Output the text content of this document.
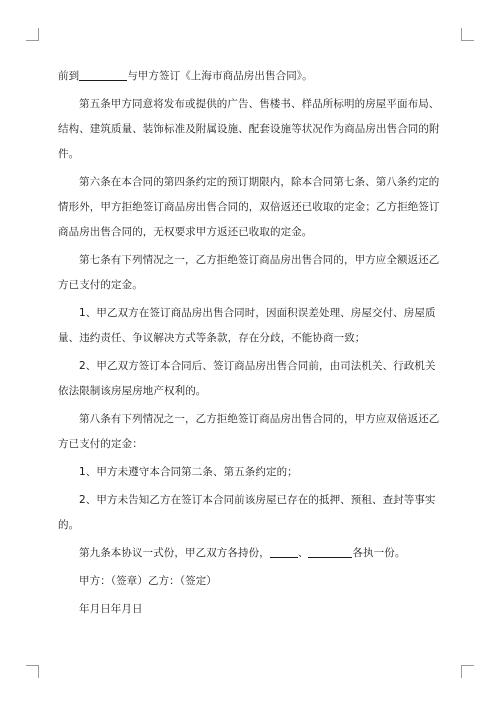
前到	与甲方签订《上海市商品房出售合同》。

第五条甲方同意将发布或提供的广告、售楼书、样品所标明的房屋平面布局、结构、建筑质量、装饰标准及附属设施、配套设施等状况作为商品房出售合同的附件。

第六条在本合同的第四条约定的预订期限内，除本合同第七条、第八条约定的情形外，甲方拒绝签订商品房出售合同的，双倍返还已收取的定金；乙方拒绝签订商品房出售合同的，无权要求甲方返还已收取的定金。

第七条有下列情况之一，乙方拒绝签订商品房出售合同的，甲方应全额返还乙方已支付的定金。

1、甲乙双方在签订商品房出售合同时，因面积误差处理、房屋交付、房屋质量、违约责任、争议解决方式等条款，存在分歧，不能协商一致；

2、甲乙双方签订本合同后、签订商品房出售合同前，由司法机关、行政机关依法限制该房屋房地产权利的。

第八条有下列情况之一，乙方拒绝签订商品房出售合同的，甲方应双倍返还乙方已支付的定金：

1、甲方未遵守本合同第二条、第五条约定的；

2、甲方未告知乙方在签订本合同前该房屋已存在的抵押、预租、查封等事实的。

第九条本协议一式份，甲乙双方各持份，	、	各执一份。

甲方：（签章）乙方：（签定）

年月日年月日
